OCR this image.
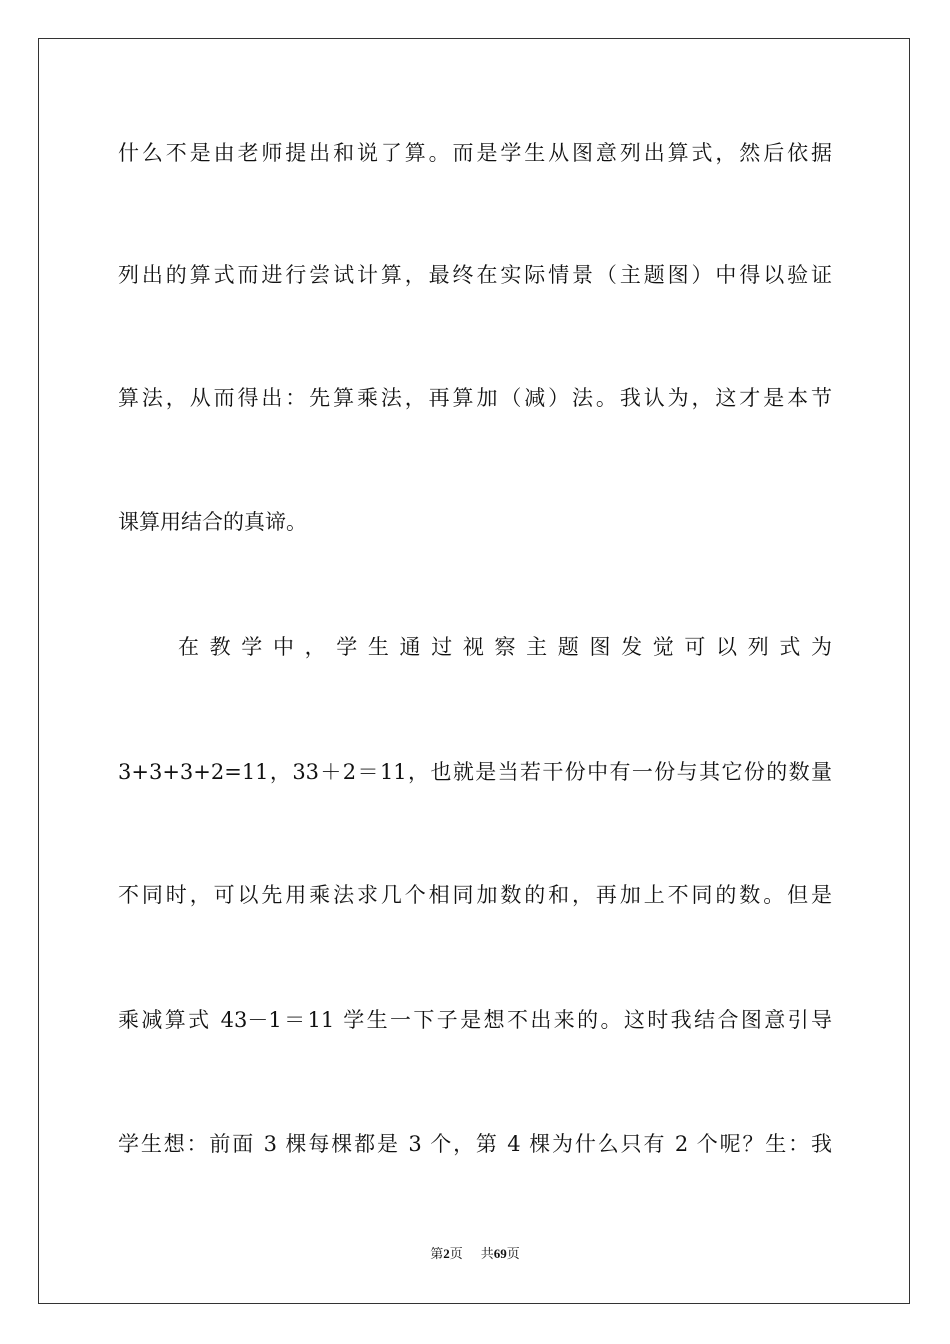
什么不是由老师提出和说了算。而是学生从图意列出算式，然后依据
列出的算式而进行尝试计算，最终在实际情景（主题图）中得以验证
算法，从而得出：先算乘法，再算加（减）法。我认为，这才是本节
课算用结合的真谛。
在教学中，学生通过视察主题图发觉可以列式为
3+3+3+2=11，33＋2＝11，也就是当若干份中有一份与其它份的数量
不同时，可以先用乘法求几个相同加数的和，再加上不同的数。但是
乘减算式 43－1＝11 学生一下子是想不出来的。这时我结合图意引导
学生想：前面 3 棵每棵都是 3 个，第 4 棵为什么只有 2 个呢？生：我
第2页 共69页
